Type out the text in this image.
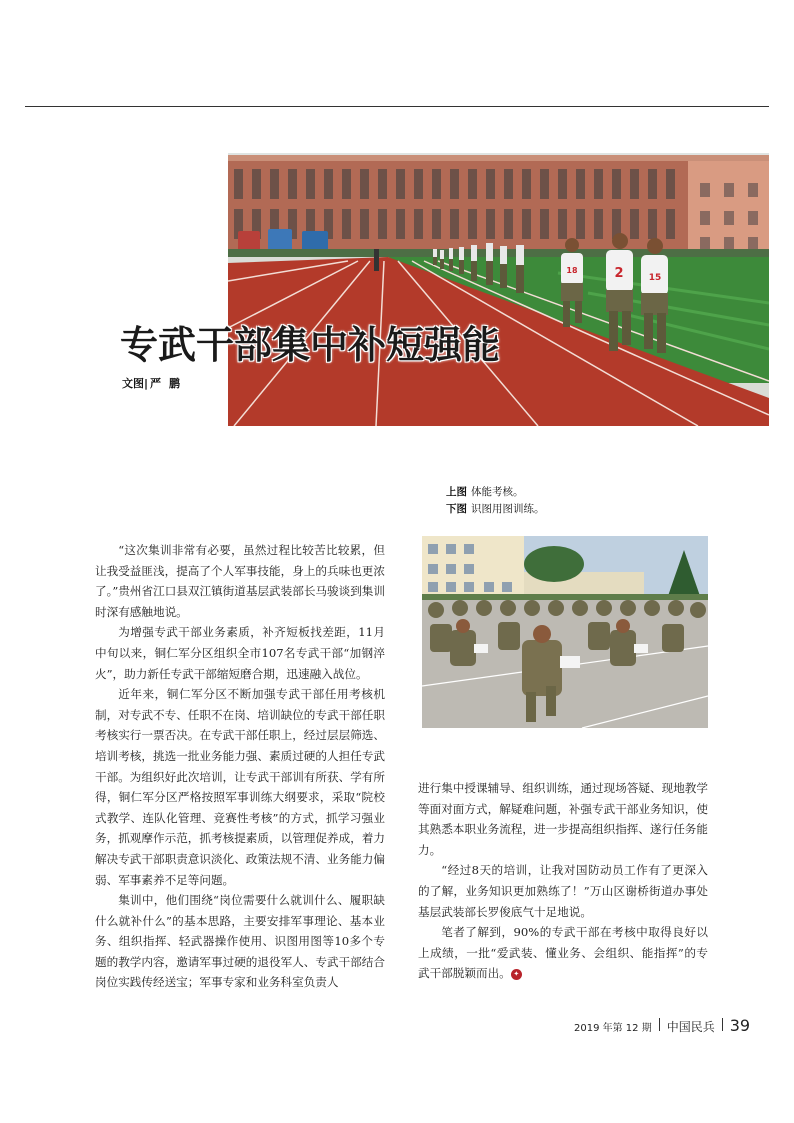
2	15
18
专武干部集中补短强能
文图| 严鹏
上图 体能考核。
下图 识图用图训练。

“这次集训非常有必要，虽然过程比较苦比较累，但让我受益匪浅，提高了个人军事技能，身上的兵味也更浓了。”贵州省江口县双江镇街道基层武装部长马骏谈到集训时深有感触地说。

为增强专武干部业务素质，补齐短板找差距，11月中旬以来，铜仁军分区组织全市107名专武干部“加钢淬火”，助力新任专武干部缩短磨合期，迅速融入战位。

近年来，铜仁军分区不断加强专武干部任用考核机制，对专武不专、任职不在岗、培训缺位的专武干部任职考核实行一票否决。在专武干部任职上，经过层层筛选、培训考核，挑选一批业务能力强、素质过硬的人担任专武干部。为组织好此次培训，让专武干部训有所获、学有所得，铜仁军分区严格按照军事训练大纲要求，采取“院校式教学、连队化管理、竞赛性考核”的方式，抓学习强业务，抓观摩作示范，抓考核提素质，以管理促养成，着力解决专武干部职责意识淡化、政策法规不清、业务能力偏弱、军事素养不足等问题。

集训中，他们围绕“岗位需要什么就训什么、履职缺什么就补什么”的基本思路，主要安排军事理论、基本业务、组织指挥、轻武器操作使用、识图用图等10多个专题的教学内容，邀请军事过硬的退役军人、专武干部结合岗位实践传经送宝；军事专家和业务科室负责人

进行集中授课辅导、组织训练，通过现场答疑、现地教学等面对面方式，解疑难问题，补强专武干部业务知识，使其熟悉本职业务流程，进一步提高组织指挥、遂行任务能力。

“经过8天的培训，让我对国防动员工作有了更深入的了解，业务知识更加熟练了！”万山区谢桥街道办事处基层武装部长罗俊底气十足地说。

笔者了解到，90%的专武干部在考核中取得良好以上成绩，一批“爱武装、懂业务、会组织、能指挥”的专武干部脱颖而出。 ✦

2019 年第 12 期 中国民兵 39
